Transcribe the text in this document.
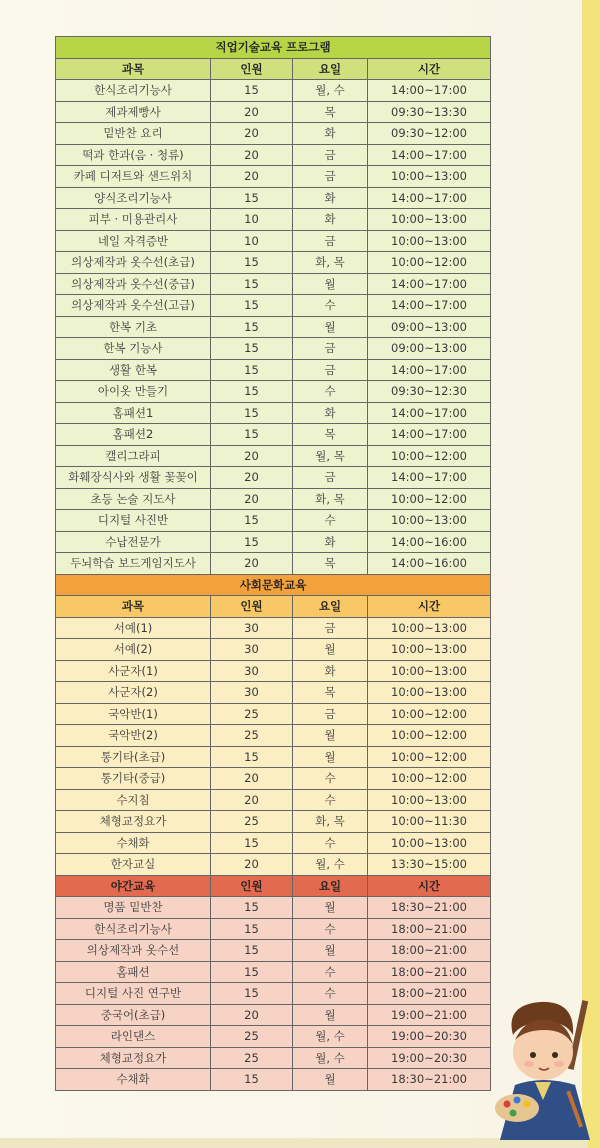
직업기술교육 프로그램			
과목	인원	요일	시간
한식조리기능사	15	월, 수	14:00~17:00
제과제빵사	20	목	09:30~13:30
밑반찬 요리	20	화	09:30~12:00
떡과 한과(음 · 청류)	20	금	14:00~17:00
카페 디저트와 샌드위치	20	금	10:00~13:00
양식조리기능사	15	화	14:00~17:00
피부 · 미용관리사	10	화	10:00~13:00
네일 자격증반	10	금	10:00~13:00
의상제작과 옷수선(초급)	15	화, 목	10:00~12:00
의상제작과 옷수선(중급)	15	월	14:00~17:00
의상제작과 옷수선(고급)	15	수	14:00~17:00
한복 기초	15	월	09:00~13:00
한복 기능사	15	금	09:00~13:00
생활 한복	15	금	14:00~17:00
아이옷 만들기	15	수	09:30~12:30
홈패션1	15	화	14:00~17:00
홈패션2	15	목	14:00~17:00
캘리그라피	20	월, 목	10:00~12:00
화훼장식사와 생활 꽃꽂이	20	금	14:00~17:00
초등 논술 지도사	20	화, 목	10:00~12:00
디지털 사진반	15	수	10:00~13:00
수납전문가	15	화	14:00~16:00
두뇌학습 보드게임지도사	20	목	14:00~16:00
사회문화교육			
과목	인원	요일	시간
서예(1)	30	금	10:00~13:00
서예(2)	30	월	10:00~13:00
사군자(1)	30	화	10:00~13:00
사군자(2)	30	목	10:00~13:00
국악반(1)	25	금	10:00~12:00
국악반(2)	25	월	10:00~12:00
통기타(초급)	15	월	10:00~12:00
통기타(중급)	20	수	10:00~12:00
수지침	20	수	10:00~13:00
체형교정요가	25	화, 목	10:00~11:30
수채화	15	수	10:00~13:00
한자교실	20	월, 수	13:30~15:00
야간교육	인원	요일	시간
명품 밑반찬	15	월	18:30~21:00
한식조리기능사	15	수	18:00~21:00
의상제작과 옷수선	15	월	18:00~21:00
홈패션	15	수	18:00~21:00
디지털 사진 연구반	15	수	18:00~21:00
중국어(초급)	20	월	19:00~21:00
라인댄스	25	월, 수	19:00~20:30
체형교정요가	25	월, 수	19:00~20:30
수채화	15	월	18:30~21:00
